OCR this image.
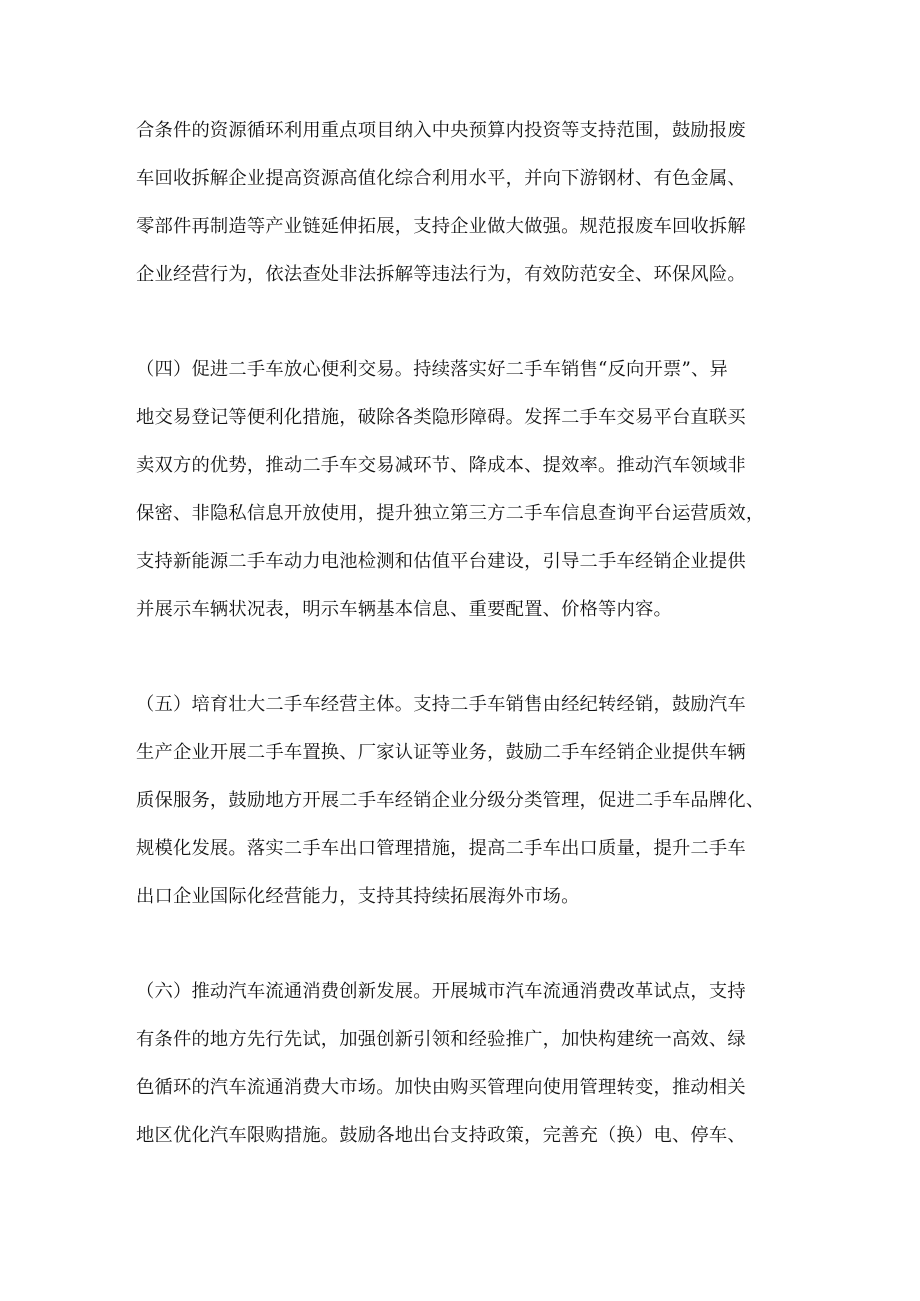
合条件的资源循环利用重点项目纳入中央预算内投资等支持范围，鼓励报废
车回收拆解企业提高资源高值化综合利用水平，并向下游钢材、有色金属、
零部件再制造等产业链延伸拓展，支持企业做大做强。规范报废车回收拆解
企业经营行为，依法查处非法拆解等违法行为，有效防范安全、环保风险。
（四）促进二手车放心便利交易。持续落实好二手车销售“反向开票”、异
地交易登记等便利化措施，破除各类隐形障碍。发挥二手车交易平台直联买
卖双方的优势，推动二手车交易减环节、降成本、提效率。推动汽车领域非
保密、非隐私信息开放使用，提升独立第三方二手车信息查询平台运营质效，
支持新能源二手车动力电池检测和估值平台建设，引导二手车经销企业提供
并展示车辆状况表，明示车辆基本信息、重要配置、价格等内容。
（五）培育壮大二手车经营主体。支持二手车销售由经纪转经销，鼓励汽车
生产企业开展二手车置换、厂家认证等业务，鼓励二手车经销企业提供车辆
质保服务，鼓励地方开展二手车经销企业分级分类管理，促进二手车品牌化、
规模化发展。落实二手车出口管理措施，提高二手车出口质量，提升二手车
出口企业国际化经营能力，支持其持续拓展海外市场。
（六）推动汽车流通消费创新发展。开展城市汽车流通消费改革试点，支持
有条件的地方先行先试，加强创新引领和经验推广，加快构建统一高效、绿
色循环的汽车流通消费大市场。加快由购买管理向使用管理转变，推动相关
地区优化汽车限购措施。鼓励各地出台支持政策，完善充（换）电、停车、
